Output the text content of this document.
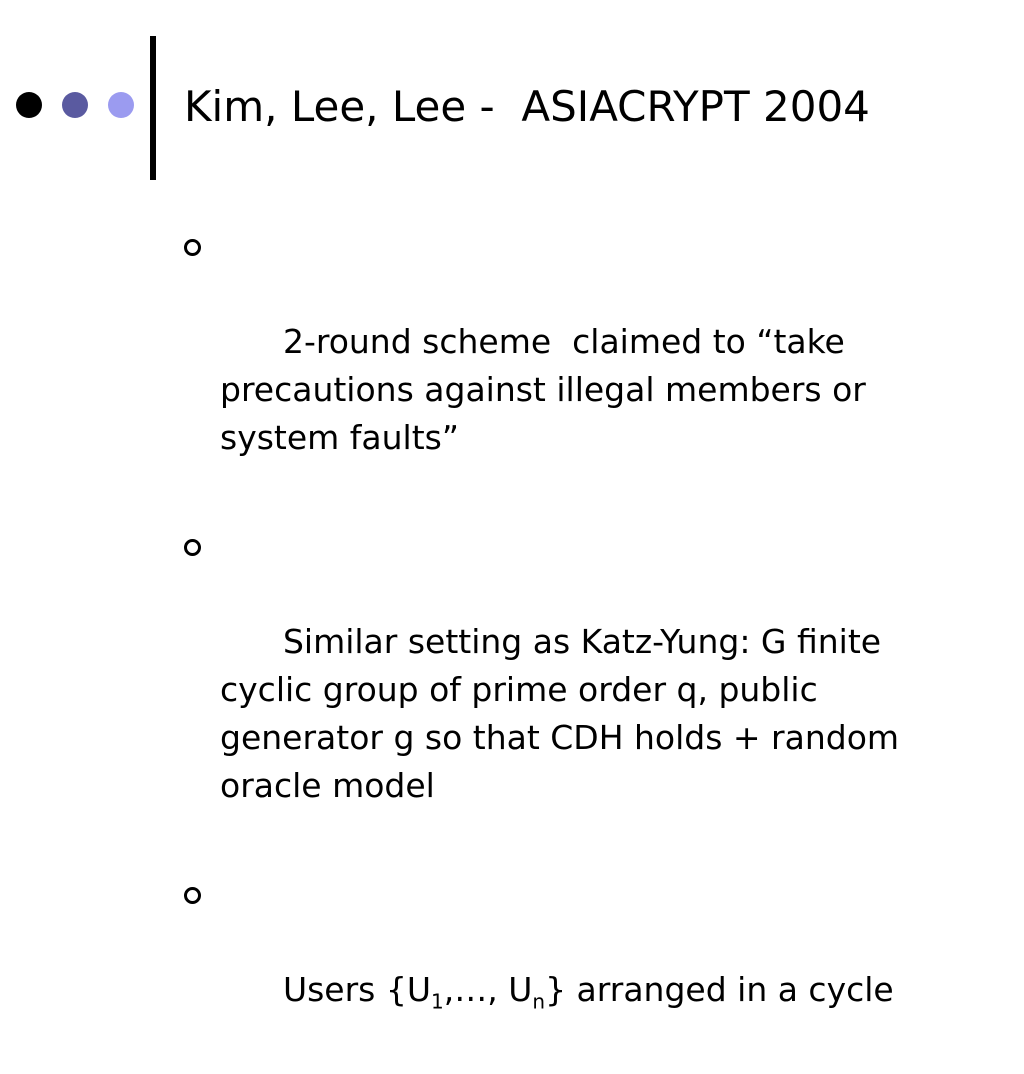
Kim, Lee, Lee -  ASIACRYPT 2004

2-round scheme  claimed to “take precautions against illegal members or system faults”

Similar setting as Katz-Yung: G finite cyclic group of prime order q, public generator g so that CDH holds + random oracle model

Users {$U_1,\dots$, $U_n$} arranged in a cycle
